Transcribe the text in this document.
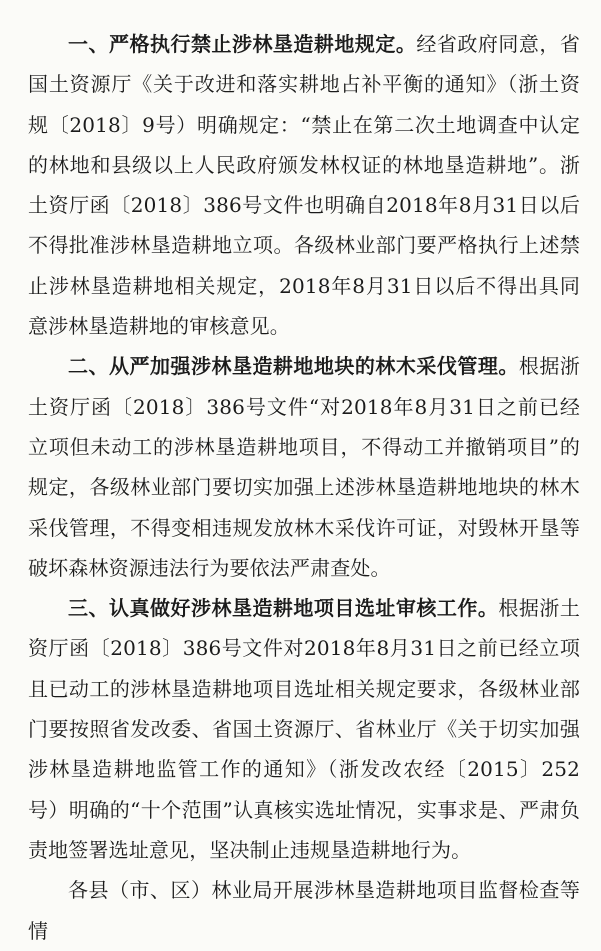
一、严格执行禁止涉林垦造耕地规定。经省政府同意，省国土资源厅《关于改进和落实耕地占补平衡的通知》（浙土资规〔2018〕9号）明确规定：“禁止在第二次土地调查中认定的林地和县级以上人民政府颁发林权证的林地垦造耕地”。浙土资厅函〔2018〕386号文件也明确自2018年8月31日以后不得批准涉林垦造耕地立项。各级林业部门要严格执行上述禁止涉林垦造耕地相关规定，2018年8月31日以后不得出具同意涉林垦造耕地的审核意见。

二、从严加强涉林垦造耕地地块的林木采伐管理。根据浙土资厅函〔2018〕386号文件“对2018年8月31日之前已经立项但未动工的涉林垦造耕地项目，不得动工并撤销项目”的规定，各级林业部门要切实加强上述涉林垦造耕地地块的林木采伐管理，不得变相违规发放林木采伐许可证，对毁林开垦等破坏森林资源违法行为要依法严肃查处。

三、认真做好涉林垦造耕地项目选址审核工作。根据浙土资厅函〔2018〕386号文件对2018年8月31日之前已经立项且已动工的涉林垦造耕地项目选址相关规定要求，各级林业部门要按照省发改委、省国土资源厅、省林业厅《关于切实加强涉林垦造耕地监管工作的通知》（浙发改农经〔2015〕252号）明确的“十个范围”认真核实选址情况，实事求是、严肃负责地签署选址意见，坚决制止违规垦造耕地行为。

各县（市、区）林业局开展涉林垦造耕地项目监督检查等情
